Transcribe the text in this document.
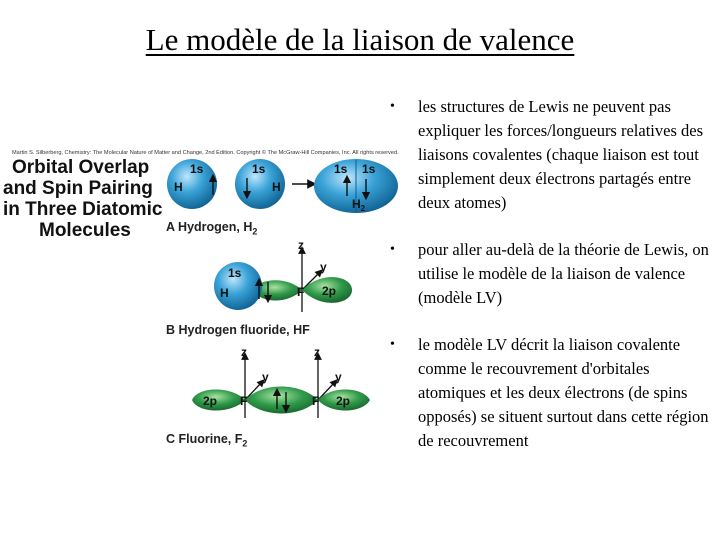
Le modèle de la liaison de valence
•	les structures de Lewis ne peuvent pas expliquer les forces/longueurs relatives des liaisons covalentes (chaque liaison est tout simplement deux électrons partagés entre deux atomes)
•	pour aller au-delà de la théorie de Lewis, on utilise le modèle de la liaison de valence (modèle LV)
•	le modèle LV décrit la liaison covalente comme le recouvrement d'orbitales atomiques et les deux électrons (de spins opposés) se situent surtout dans cette région de recouvrement
Martin S. Silberberg, Chemistry: The Molecular Nature of Matter and Change, 2nd Edition. Copyright © The McGraw-Hill Companies, Inc. All rights reserved.
Orbital Overlap
and Spin Pairing
in Three Diatomic
Molecules	A Hydrogen, $H_2$
B Hydrogen fluoride, HF
C Fluorine, $F_2$
1s	1s
H	H
1s 1s
$H_2$
z
y
1s
H	F 2p
z
y
z
y
2p F	F 2p
